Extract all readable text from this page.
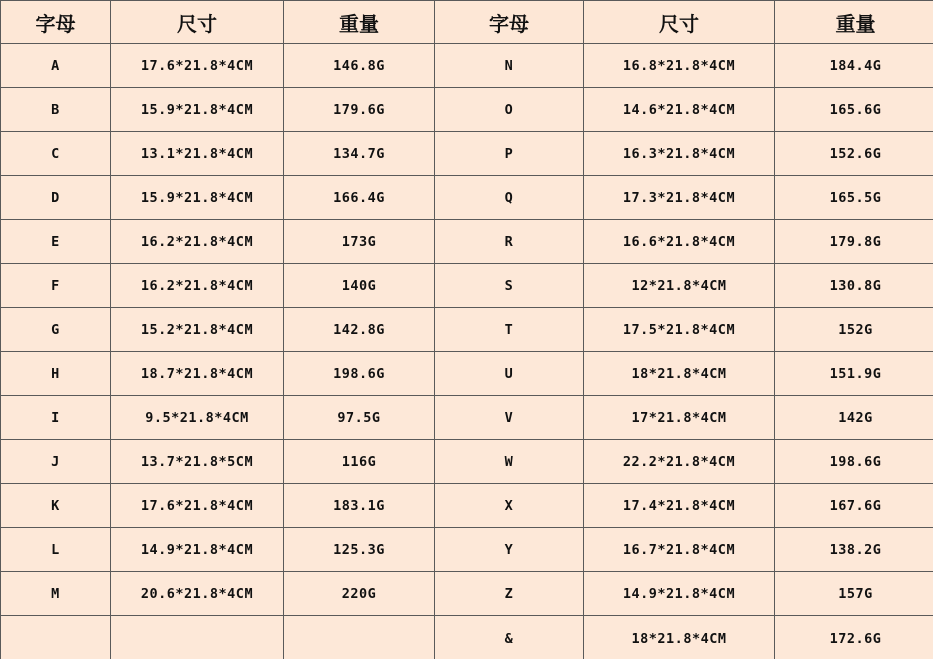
字母	尺寸	重量	字母	尺寸	重量
A	17.6*21.8*4CM	146.8G	N	16.8*21.8*4CM	184.4G
B	15.9*21.8*4CM	179.6G	O	14.6*21.8*4CM	165.6G
C	13.1*21.8*4CM	134.7G	P	16.3*21.8*4CM	152.6G
D	15.9*21.8*4CM	166.4G	Q	17.3*21.8*4CM	165.5G
E	16.2*21.8*4CM	173G	R	16.6*21.8*4CM	179.8G
F	16.2*21.8*4CM	140G	S	12*21.8*4CM	130.8G
G	15.2*21.8*4CM	142.8G	T	17.5*21.8*4CM	152G
H	18.7*21.8*4CM	198.6G	U	18*21.8*4CM	151.9G
I	9.5*21.8*4CM	97.5G	V	17*21.8*4CM	142G
J	13.7*21.8*5CM	116G	W	22.2*21.8*4CM	198.6G
K	17.6*21.8*4CM	183.1G	X	17.4*21.8*4CM	167.6G
L	14.9*21.8*4CM	125.3G	Y	16.7*21.8*4CM	138.2G
M	20.6*21.8*4CM	220G	Z	14.9*21.8*4CM	157G
			&	18*21.8*4CM	172.6G
